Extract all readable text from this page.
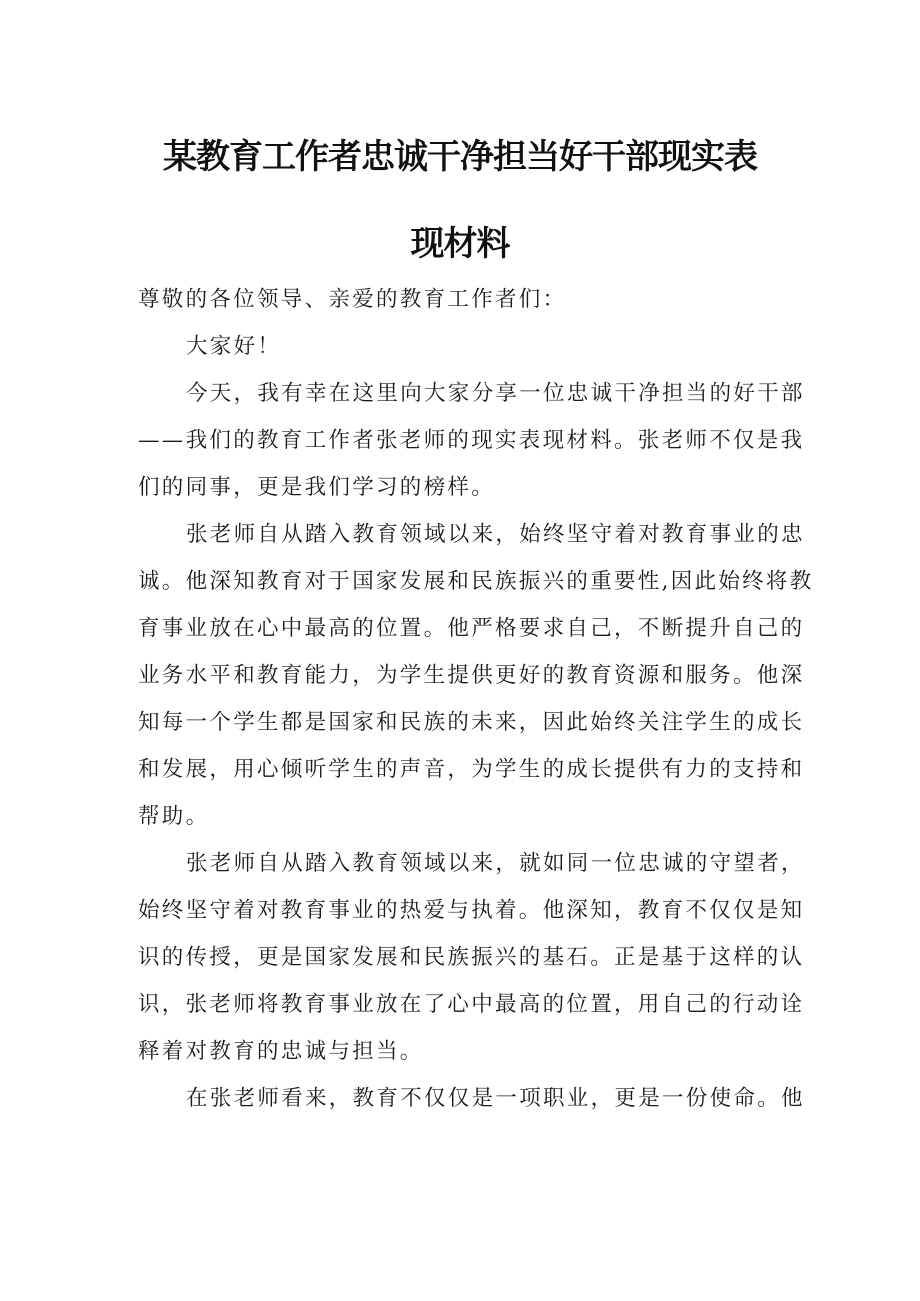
某教育工作者忠诚干净担当好干部现实表
现材料
尊敬的各位领导、亲爱的教育工作者们：
大家好！
今天，我有幸在这里向大家分享一位忠诚干净担当的好干部
——我们的教育工作者张老师的现实表现材料。张老师不仅是我
们的同事，更是我们学习的榜样。
张老师自从踏入教育领域以来，始终坚守着对教育事业的忠
诚。他深知教育对于国家发展和民族振兴的重要性,因此始终将教
育事业放在心中最高的位置。他严格要求自己，不断提升自己的
业务水平和教育能力，为学生提供更好的教育资源和服务。他深
知每一个学生都是国家和民族的未来，因此始终关注学生的成长
和发展，用心倾听学生的声音，为学生的成长提供有力的支持和
帮助。
张老师自从踏入教育领域以来，就如同一位忠诚的守望者，
始终坚守着对教育事业的热爱与执着。他深知，教育不仅仅是知
识的传授，更是国家发展和民族振兴的基石。正是基于这样的认
识，张老师将教育事业放在了心中最高的位置，用自己的行动诠
释着对教育的忠诚与担当。
在张老师看来，教育不仅仅是一项职业，更是一份使命。他
